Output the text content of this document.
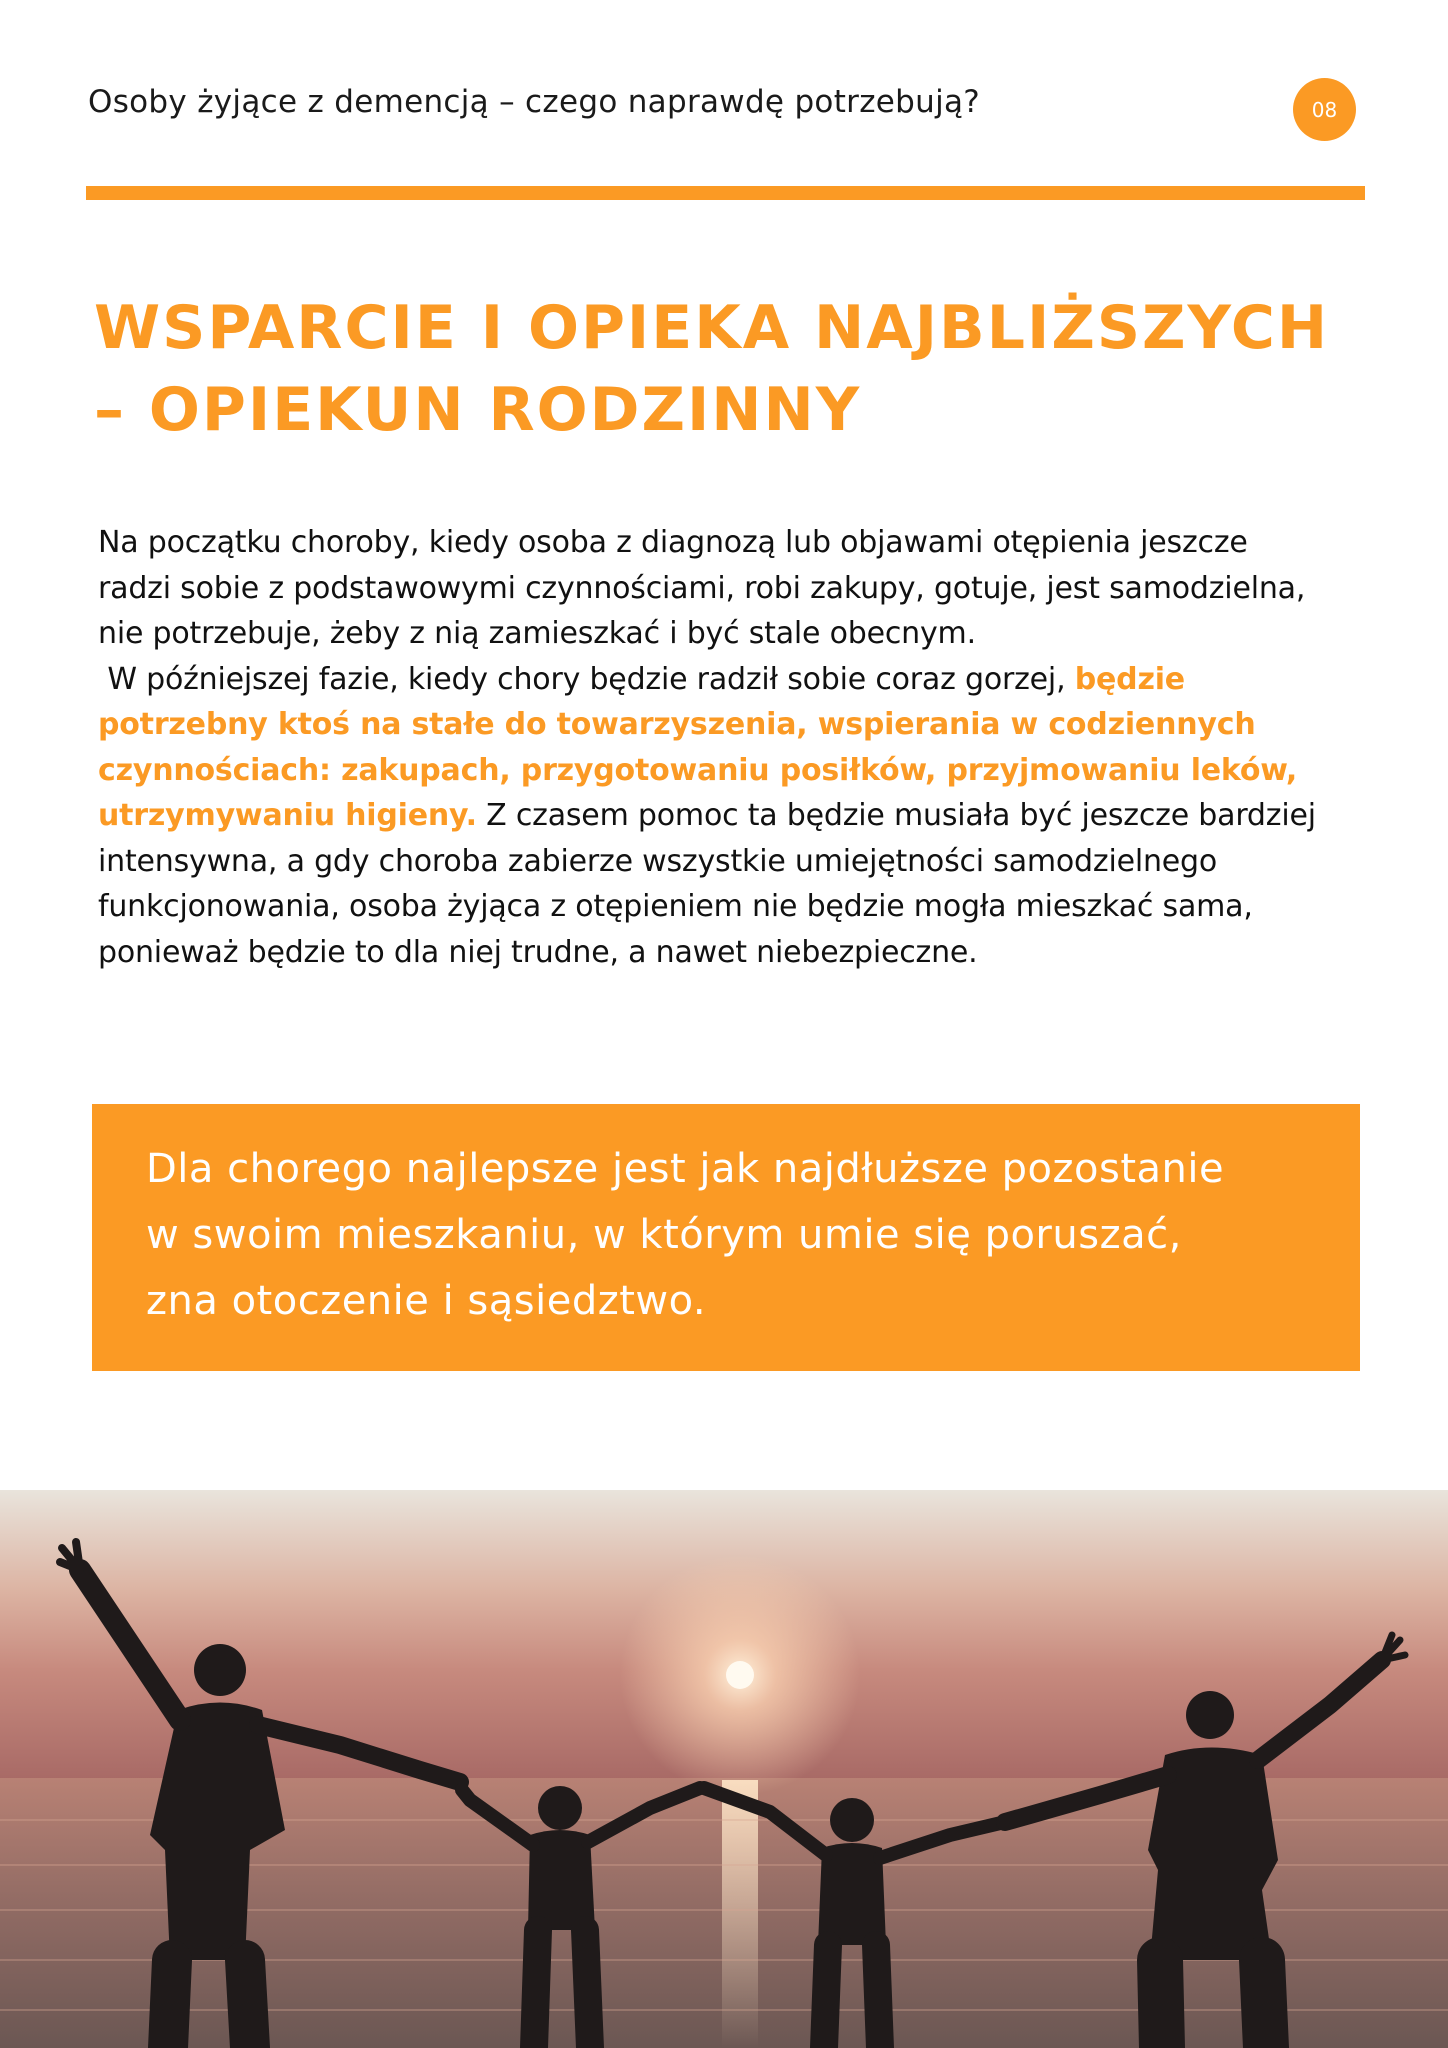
Osoby żyjące z demencją – czego naprawdę potrzebują?	08
WSPARCIE I OPIEKA NAJBLIŻSZYCH
– OPIEKUN RODZINNY
Na początku choroby, kiedy osoba z diagnozą lub objawami otępienia jeszcze
radzi sobie z podstawowymi czynnościami, robi zakupy, gotuje, jest samodzielna,
nie potrzebuje, żeby z nią zamieszkać i być stale obecnym.
W późniejszej fazie, kiedy chory będzie radził sobie coraz gorzej, będzie
potrzebny ktoś na stałe do towarzyszenia, wspierania w codziennych
czynnościach: zakupach, przygotowaniu posiłków, przyjmowaniu leków,
utrzymywaniu higieny. Z czasem pomoc ta będzie musiała być jeszcze bardziej
intensywna, a gdy choroba zabierze wszystkie umiejętności samodzielnego
funkcjonowania, osoba żyjąca z otępieniem nie będzie mogła mieszkać sama,
ponieważ będzie to dla niej trudne, a nawet niebezpieczne.

Dla chorego najlepsze jest jak najdłuższe pozostanie
w swoim mieszkaniu, w którym umie się poruszać,
zna otoczenie i sąsiedztwo.
